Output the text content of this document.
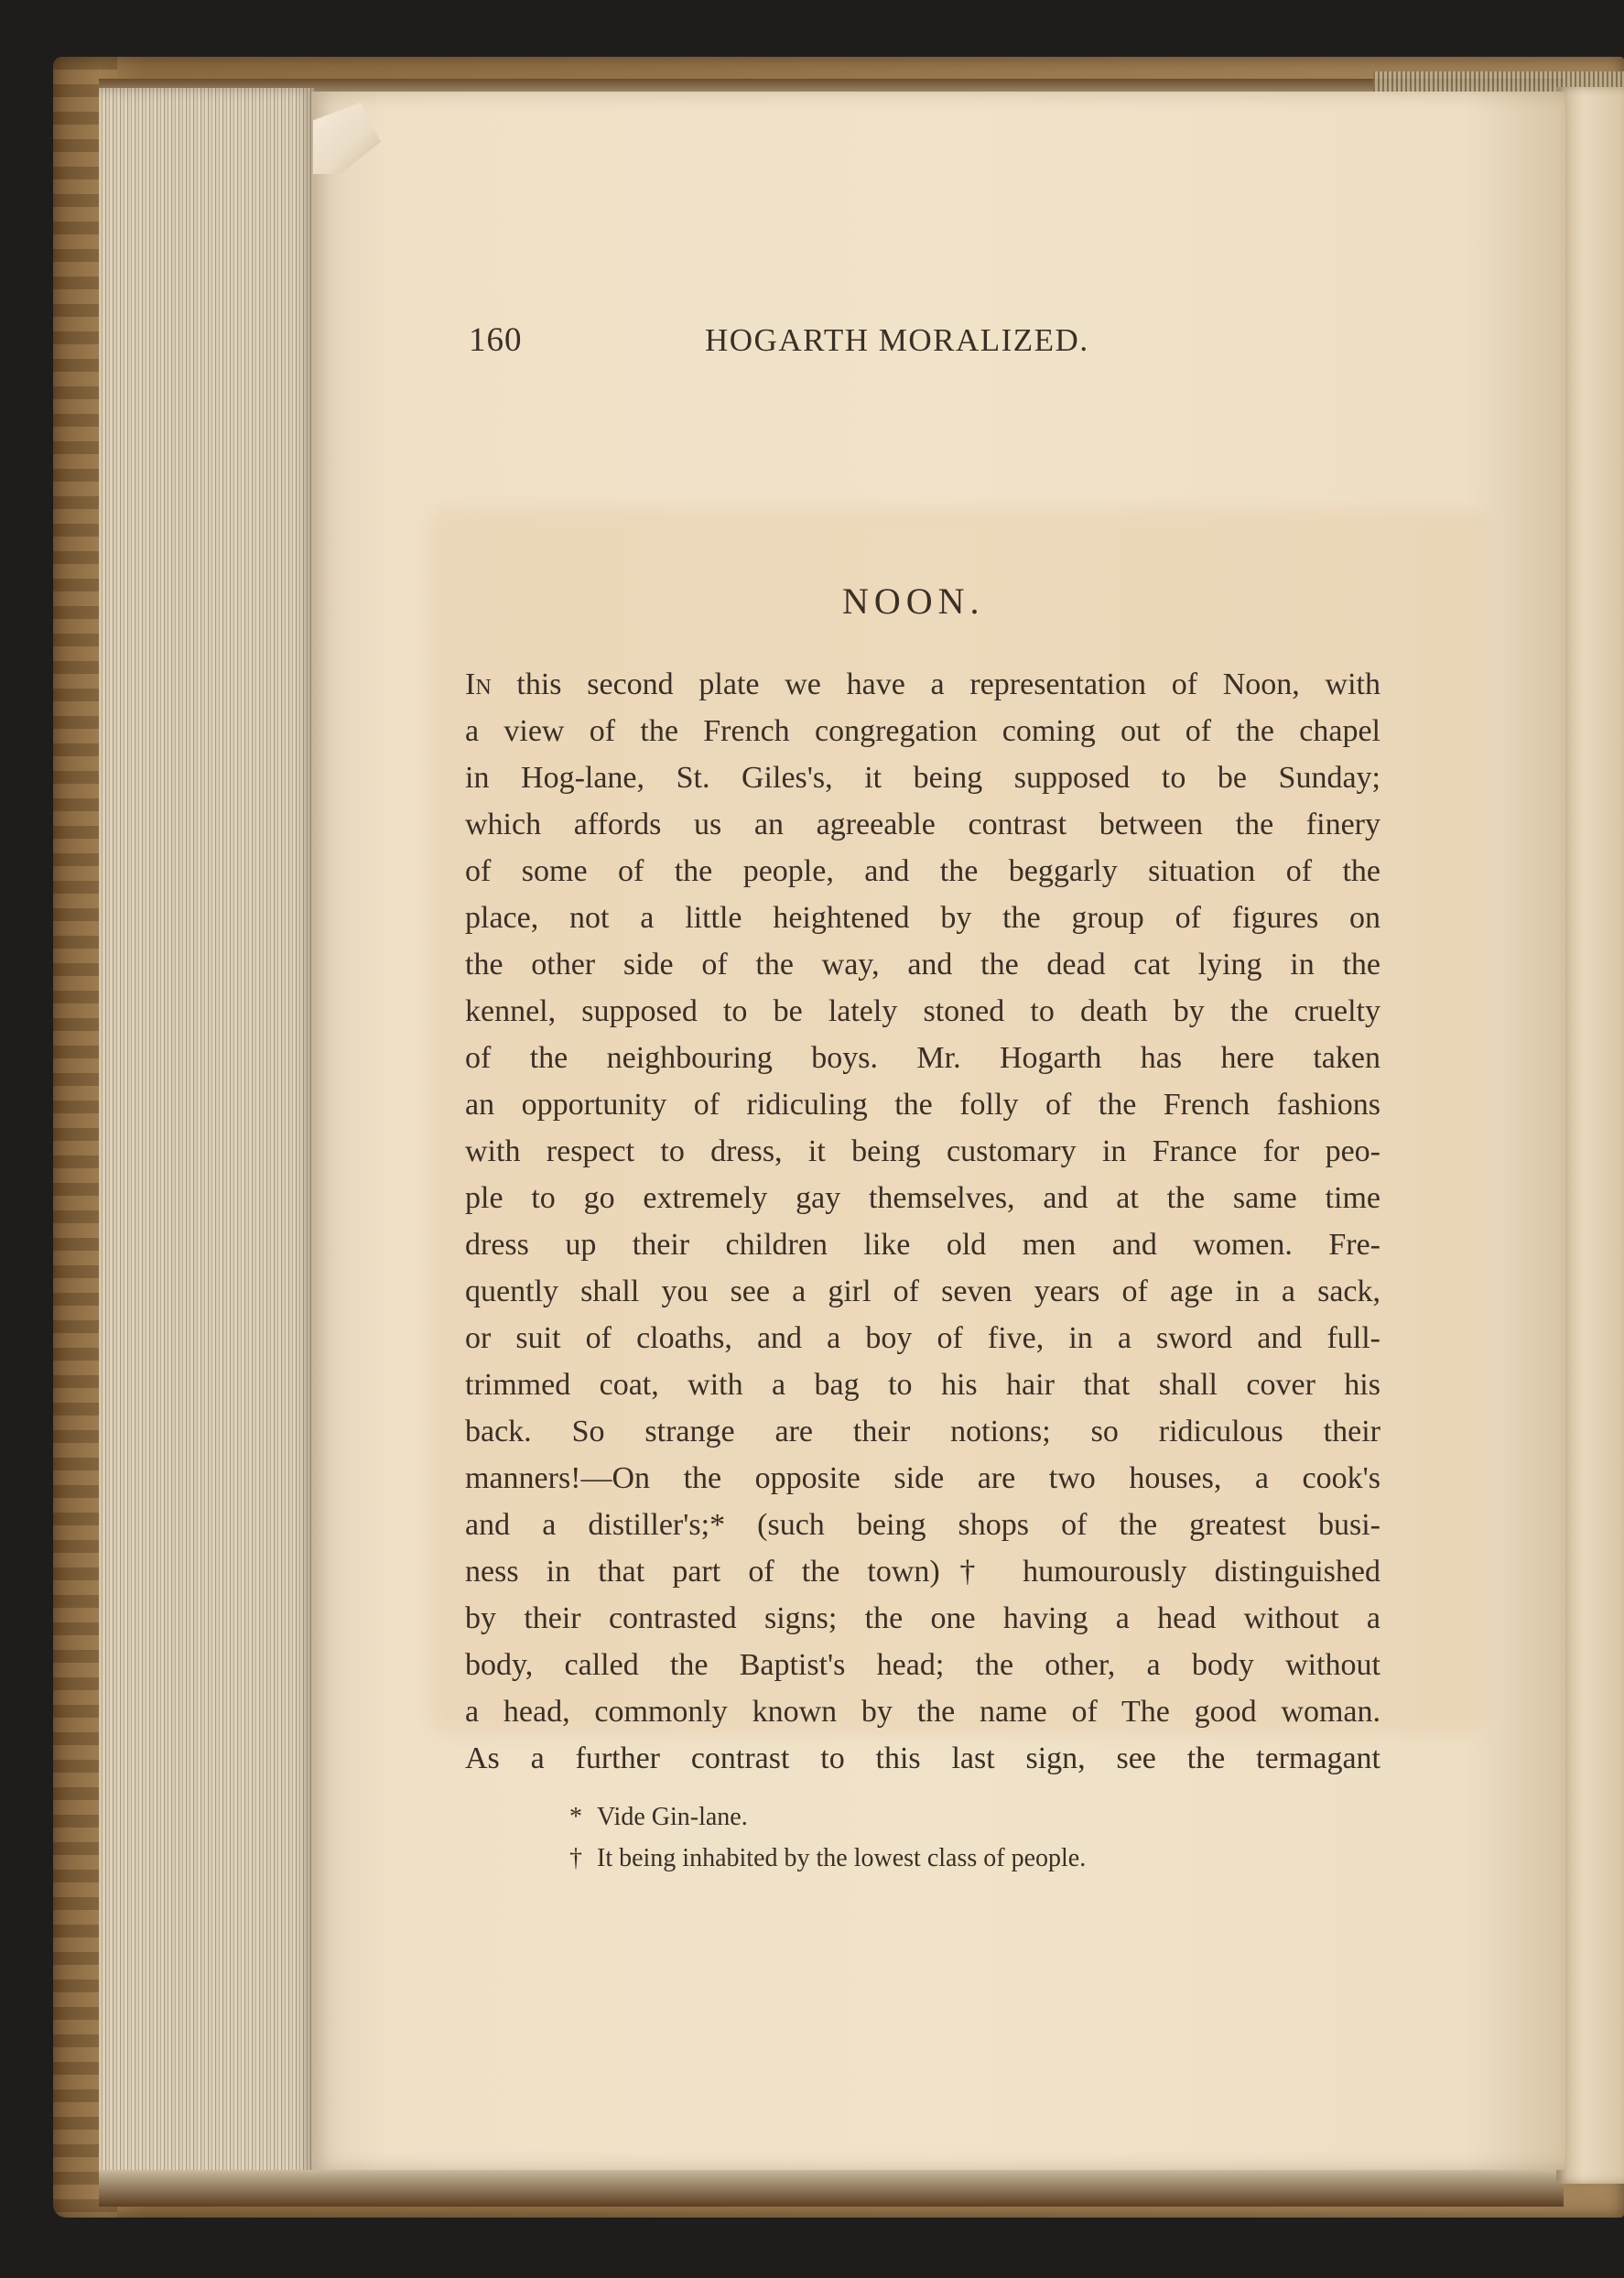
160	HOGARTH MORALIZED.
NOON.

In this second plate we have a representation of Noon, with
a view of the French congregation coming out of the chapel
in Hog-lane, St. Giles's, it being supposed to be Sunday;
which affords us an agreeable contrast between the finery
of some of the people, and the beggarly situation of the
place, not a little heightened by the group of figures on
the other side of the way, and the dead cat lying in the
kennel, supposed to be lately stoned to death by the cruelty
of the neighbouring boys. Mr. Hogarth has here taken
an opportunity of ridiculing the folly of the French fashions
with respect to dress, it being customary in France for peo-
ple to go extremely gay themselves, and at the same time
dress up their children like old men and women. Fre-
quently shall you see a girl of seven years of age in a sack,
or suit of cloaths, and a boy of five, in a sword and full-
trimmed coat, with a bag to his hair that shall cover his
back. So strange are their notions; so ridiculous their
manners!—On the opposite side are two houses, a cook's
and a distiller's;* (such being shops of the greatest busi-
ness in that part of the town)† humourously distinguished
by their contrasted signs; the one having a head without a
body, called the Baptist's head; the other, a body without
a head, commonly known by the name of The good woman.
As a further contrast to this last sign, see the termagant

* Vide Gin-lane.
† It being inhabited by the lowest class of people.
